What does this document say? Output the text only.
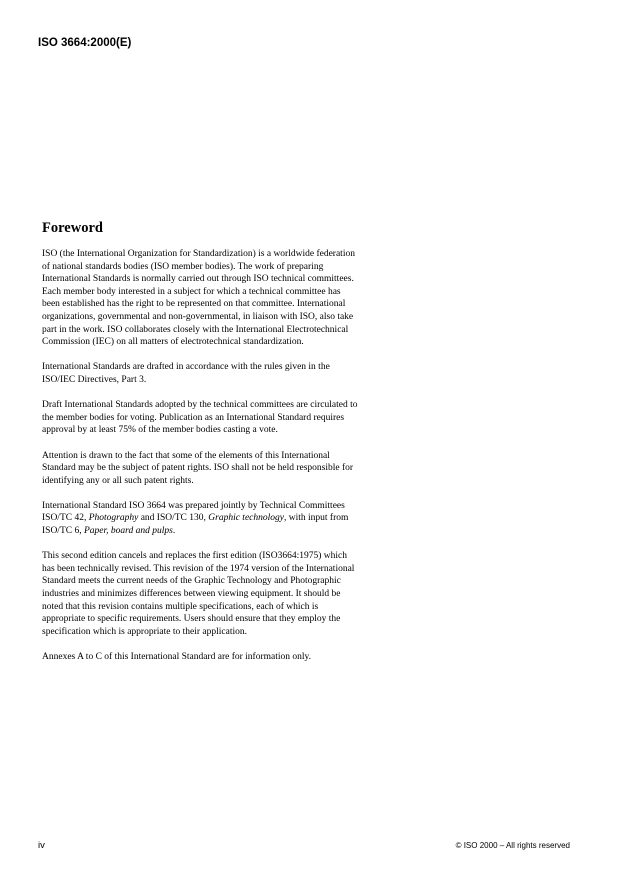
ISO 3664:2000(E)
Foreword

ISO (the International Organization for Standardization) is a worldwide federation
of national standards bodies (ISO member bodies). The work of preparing
International Standards is normally carried out through ISO technical committees.
Each member body interested in a subject for which a technical committee has
been established has the right to be represented on that committee. International
organizations, governmental and non-governmental, in liaison with ISO, also take
part in the work. ISO collaborates closely with the International Electrotechnical
Commission (IEC) on all matters of electrotechnical standardization.

International Standards are drafted in accordance with the rules given in the
ISO/IEC Directives, Part 3.

Draft International Standards adopted by the technical committees are circulated to
the member bodies for voting. Publication as an International Standard requires
approval by at least 75% of the member bodies casting a vote.

Attention is drawn to the fact that some of the elements of this International
Standard may be the subject of patent rights. ISO shall not be held responsible for
identifying any or all such patent rights.

International Standard ISO 3664 was prepared jointly by Technical Committees
ISO/TC 42, Photography and ISO/TC 130, Graphic technology, with input from
ISO/TC 6, Paper, board and pulps.

This second edition cancels and replaces the first edition (ISO3664:1975) which
has been technically revised. This revision of the 1974 version of the International
Standard meets the current needs of the Graphic Technology and Photographic
industries and minimizes differences between viewing equipment. It should be
noted that this revision contains multiple specifications, each of which is
appropriate to specific requirements. Users should ensure that they employ the
specification which is appropriate to their application.

Annexes A to C of this International Standard are for information only.

iv	© ISO 2000 – All rights reserved
